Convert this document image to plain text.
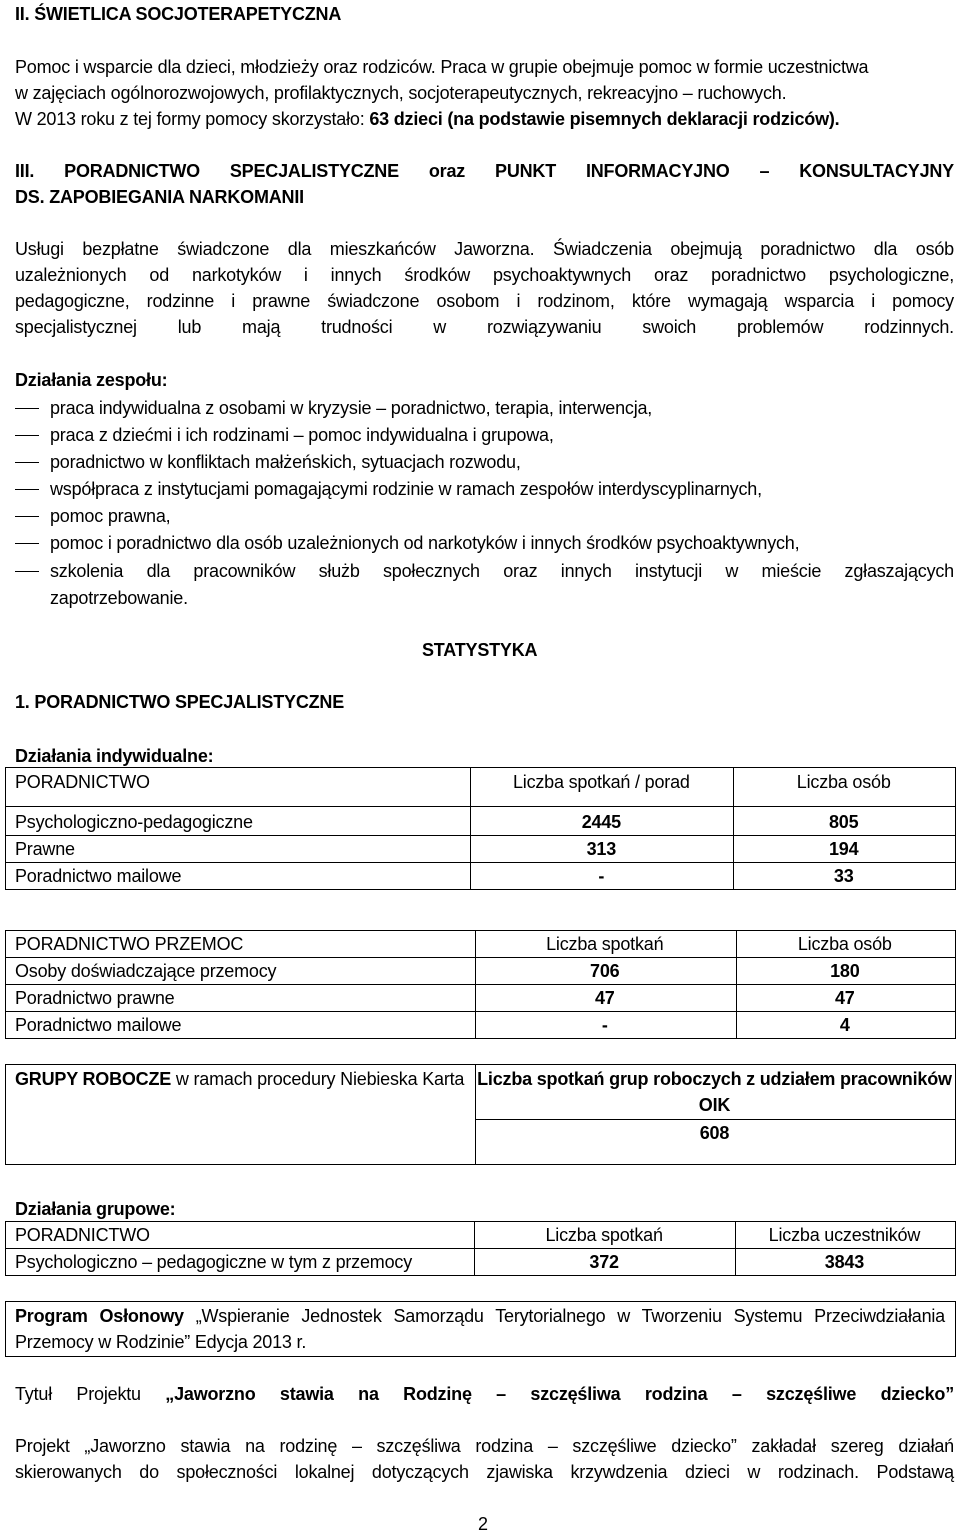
II. ŚWIETLICA SOCJOTERAPETYCZNA
Pomoc i wsparcie dla dzieci, młodzieży oraz rodziców. Praca w grupie obejmuje pomoc w formie uczestnictwa
w zajęciach ogólnorozwojowych, profilaktycznych, socjoterapeutycznych, rekreacyjno – ruchowych.
W 2013 roku z tej formy pomocy skorzystało: 63 dzieci (na podstawie pisemnych deklaracji rodziców).
III. PORADNICTWO SPECJALISTYCZNE oraz PUNKT INFORMACYJNO – KONSULTACYJNY
DS. ZAPOBIEGANIA NARKOMANII
Usługi bezpłatne świadczone dla mieszkańców Jaworzna. Świadczenia obejmują poradnictwo dla osób
uzależnionych od narkotyków i innych środków psychoaktywnych oraz poradnictwo psychologiczne,
pedagogiczne, rodzinne i prawne świadczone osobom i rodzinom, które wymagają wsparcia i pomocy
specjalistycznej lub mają trudności w rozwiązywaniu swoich problemów rodzinnych.
Działania zespołu:
praca indywidualna z osobami w kryzysie – poradnictwo, terapia, interwencja,
praca z dziećmi i ich rodzinami – pomoc indywidualna i grupowa,
poradnictwo w konfliktach małżeńskich, sytuacjach rozwodu,
współpraca z instytucjami pomagającymi rodzinie w ramach zespołów interdyscyplinarnych,
pomoc prawna,
pomoc i poradnictwo dla osób uzależnionych od narkotyków i innych środków psychoaktywnych,
szkolenia dla pracowników służb społecznych oraz innych instytucji w mieście zgłaszających
zapotrzebowanie.
STATYSTYKA
1. PORADNICTWO SPECJALISTYCZNE
Działania indywidualne:
PORADNICTWO	Liczba spotkań / porad	Liczba osób

Psychologiczno-pedagogiczne	2445	805
Prawne	313	194
Poradnictwo mailowe	-	33
PORADNICTWO PRZEMOC	Liczba spotkań	Liczba osób
Osoby doświadczające przemocy	706	180
Poradnictwo prawne	47	47
Poradnictwo mailowe	-	4
GRUPY ROBOCZE w ramach procedury Niebieska Karta	Liczba spotkań grup roboczych z udziałem pracowników OIK
608
Działania grupowe:
PORADNICTWO	Liczba spotkań	Liczba uczestników
Psychologiczno – pedagogiczne w tym z przemocy	372	3843
Program Osłonowy „Wspieranie Jednostek Samorządu Terytorialnego w Tworzeniu Systemu Przeciwdziałania
Przemocy w Rodzinie” Edycja 2013 r.
Tytuł Projektu „Jaworzno stawia na Rodzinę – szczęśliwa rodzina – szczęśliwe dziecko”
Projekt „Jaworzno stawia na rodzinę – szczęśliwa rodzina – szczęśliwe dziecko” zakładał szereg działań
skierowanych do społeczności lokalnej dotyczących zjawiska krzywdzenia dzieci w rodzinach. Podstawą
2
